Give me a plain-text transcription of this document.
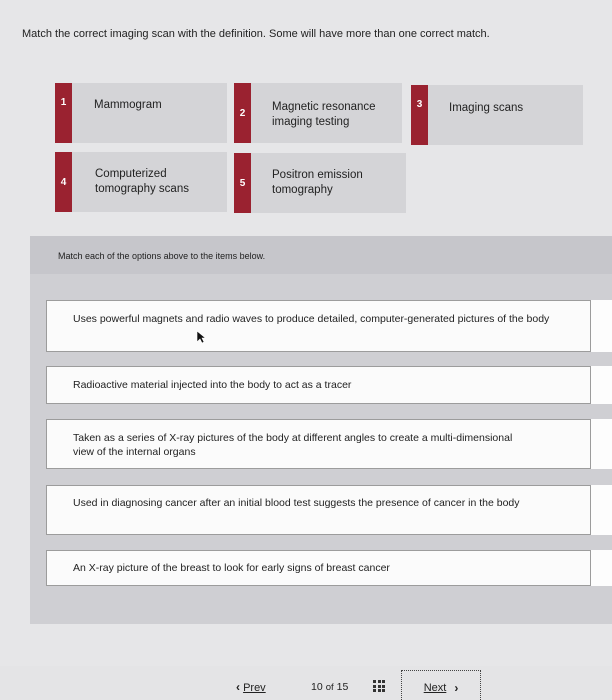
Match the correct imaging scan with the definition. Some will have more than one correct match.
1	Mammogram
2	Magnetic resonance imaging testing
3	Imaging scans
4
Computerized tomography scans	5
Positron emission tomography
Match each of the options above to the items below.
Uses powerful magnets and radio waves to produce detailed, computer-generated pictures of the body
Radioactive material injected into the body to act as a tracer
Taken as a series of X-ray pictures of the body at different angles to create a multi-dimensional view of the internal organs
Used in diagnosing cancer after an initial blood test suggests the presence of cancer in the body
An X-ray picture of the breast to look for early signs of breast cancer
‹ Prev	10 of 15	Next ›
